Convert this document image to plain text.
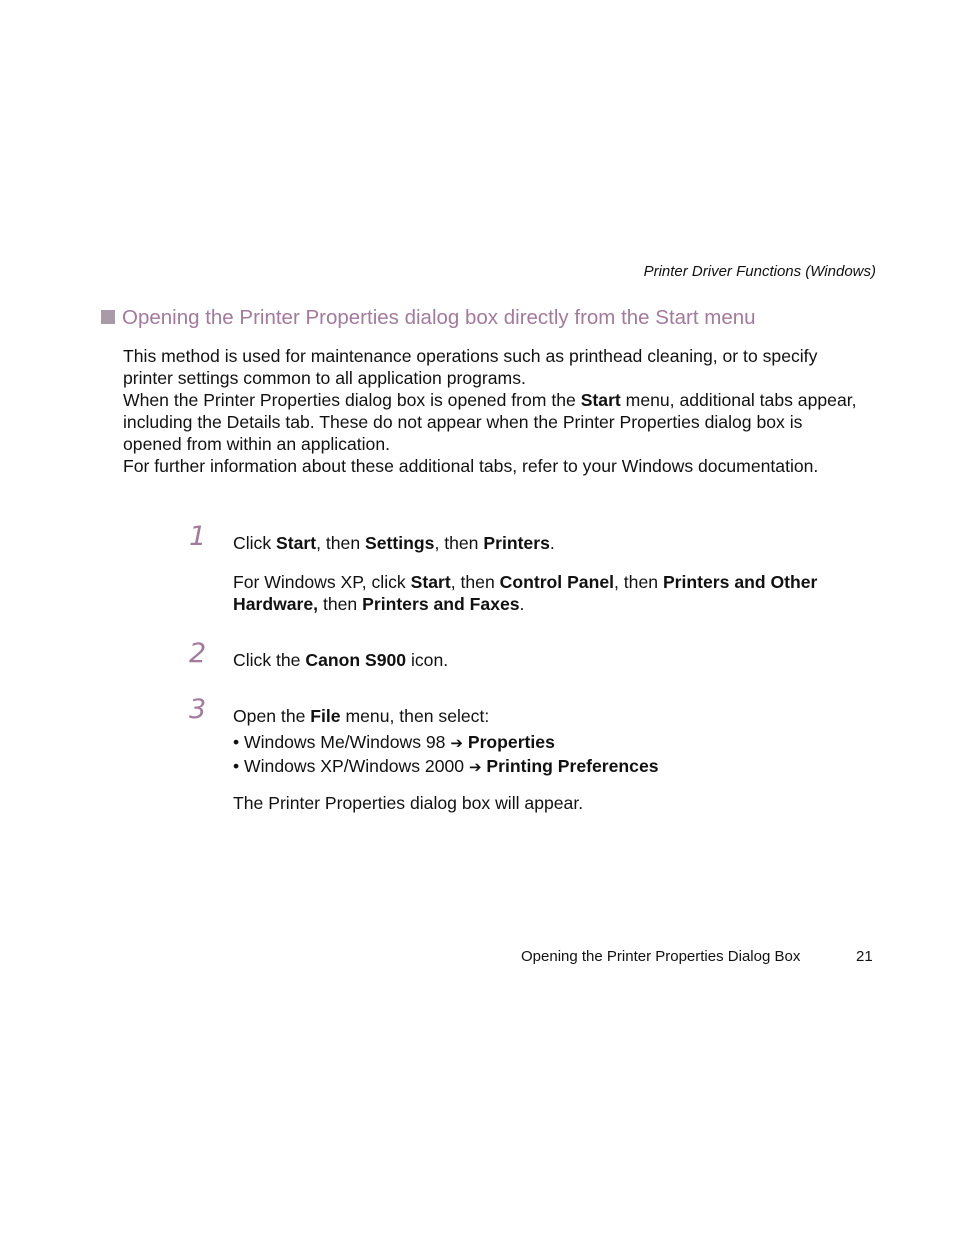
Printer Driver Functions (Windows)
Opening the Printer Properties dialog box directly from the Start menu

This method is used for maintenance operations such as printhead cleaning, or to specify printer settings common to all application programs.

When the Printer Properties dialog box is opened from the Start menu, additional tabs appear, including the Details tab. These do not appear when the Printer Properties dialog box is opened from within an application.

For further information about these additional tabs, refer to your Windows documentation.

1 Click Start, then Settings, then Printers.

For Windows XP, click Start, then Control Panel, then Printers and Other Hardware, then Printers and Faxes.

2 Click the Canon S900 icon.

3 Open the File menu, then select:

• Windows Me/Windows 98 ➔ Properties
• Windows XP/Windows 2000 ➔ Printing Preferences

The Printer Properties dialog box will appear.

Opening the Printer Properties Dialog Box	21
